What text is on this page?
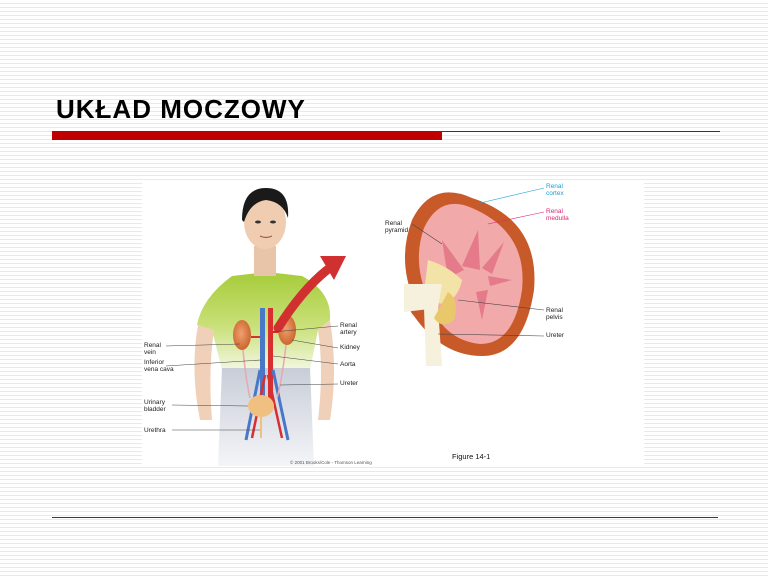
UKŁAD MOCZOWY
Renal
artery
Renal
vein
Kidney
Inferior
vena cava
Aorta
Ureter
Urinary
bladder
Urethra
Renal
cortex
Renal
medulla
Renal
pyramid
Renal
pelvis
Ureter
Figure 14-1
© 2001 Brooks/Cole - Thomson Learning
